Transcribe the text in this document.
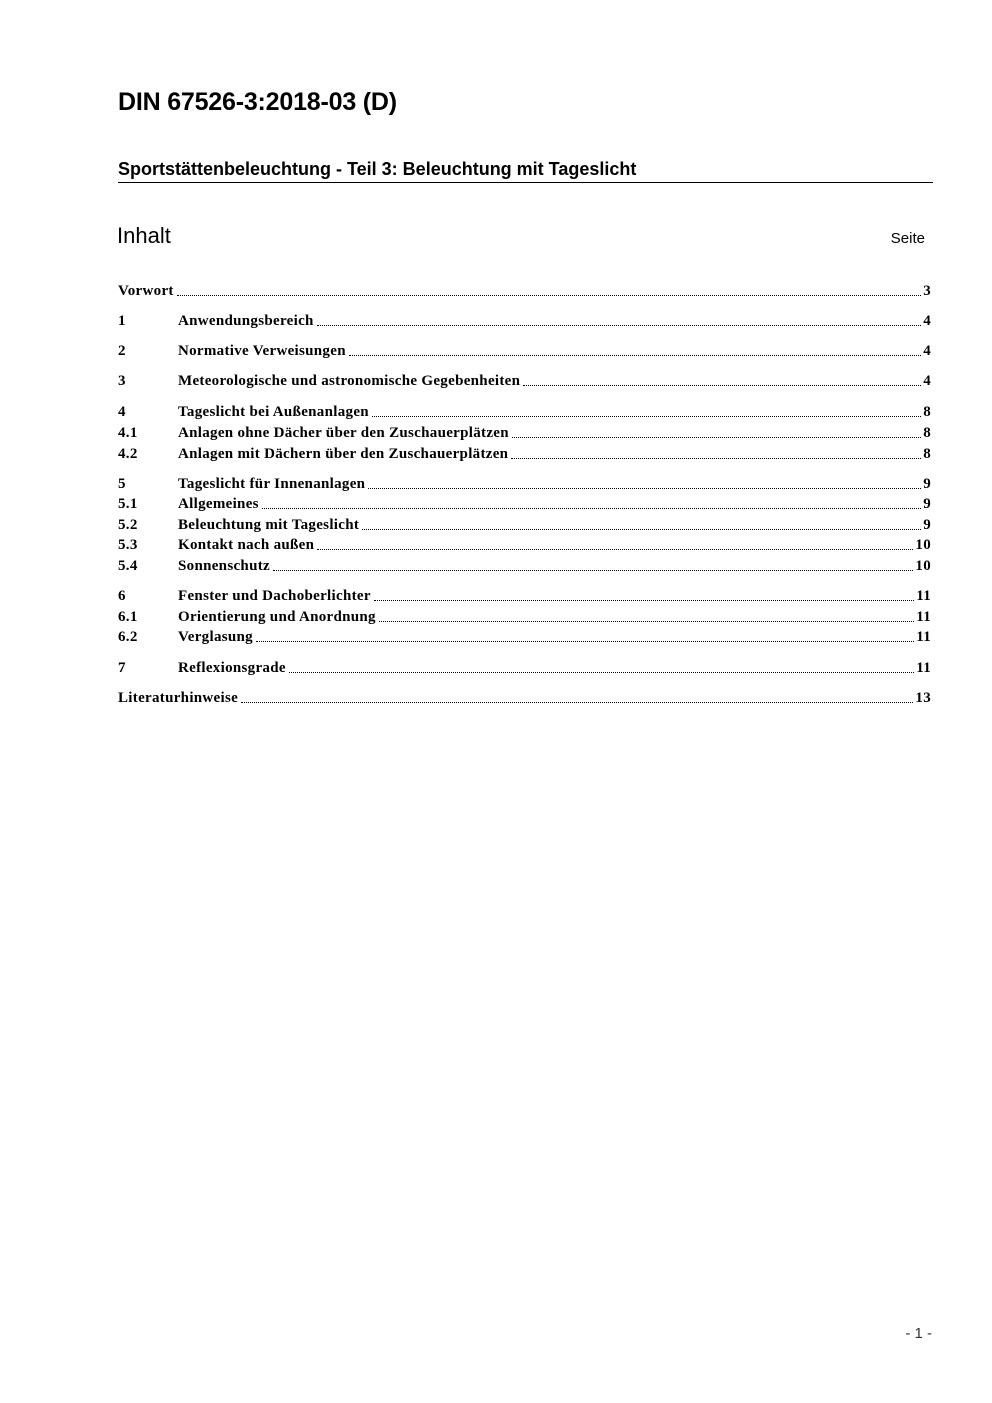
DIN 67526-3:2018-03 (D)
Sportstättenbeleuchtung - Teil 3: Beleuchtung mit Tageslicht
Inhalt	Seite
Vorwort	3
1	Anwendungsbereich	4
2	Normative Verweisungen	4
3	Meteorologische und astronomische Gegebenheiten	4
4	Tageslicht bei Außenanlagen	8
4.1	Anlagen ohne Dächer über den Zuschauerplätzen	8
4.2	Anlagen mit Dächern über den Zuschauerplätzen	8
5	Tageslicht für Innenanlagen	9
5.1	Allgemeines	9
5.2	Beleuchtung mit Tageslicht	9
5.3	Kontakt nach außen	10
5.4	Sonnenschutz	10
6	Fenster und Dachoberlichter	11
6.1	Orientierung und Anordnung	11
6.2	Verglasung	11
7	Reflexionsgrade	11
Literaturhinweise	13
- 1 -
